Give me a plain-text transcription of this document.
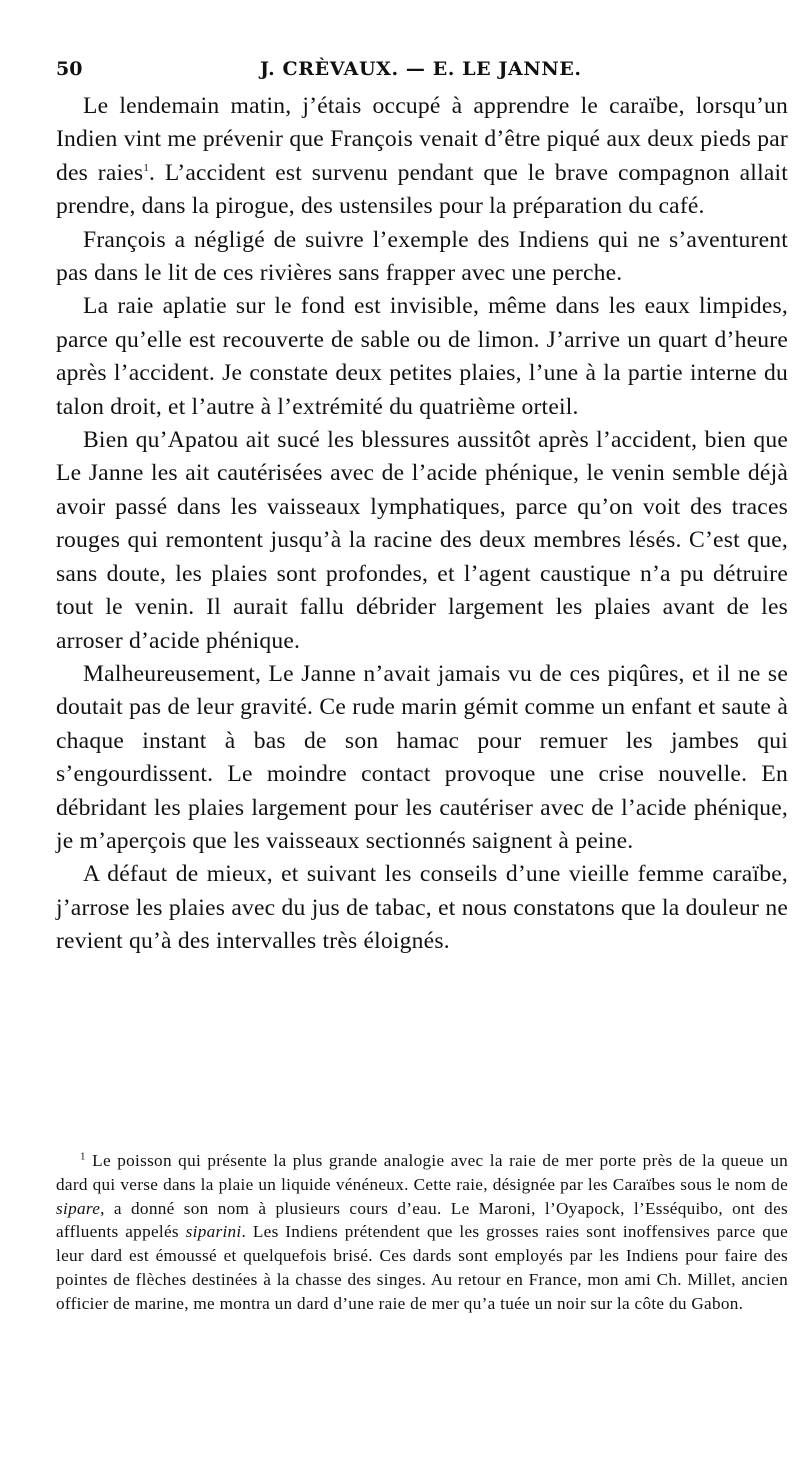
50	J. CRÈVAUX. — E. LE JANNE.

Le lendemain matin, j’étais occupé à apprendre le caraïbe, lorsqu’un Indien vint me prévenir que François venait d’être piqué aux deux pieds par des raies$^1$. L’accident est survenu pendant que le brave compagnon allait prendre, dans la pirogue, des ustensiles pour la préparation du café.

François a négligé de suivre l’exemple des Indiens qui ne s’aventurent pas dans le lit de ces rivières sans frapper avec une perche.

La raie aplatie sur le fond est invisible, même dans les eaux limpides, parce qu’elle est recouverte de sable ou de limon. J’arrive un quart d’heure après l’accident. Je constate deux petites plaies, l’une à la partie interne du talon droit, et l’autre à l’extrémité du quatrième orteil.

Bien qu’Apatou ait sucé les blessures aussitôt après l’accident, bien que Le Janne les ait cautérisées avec de l’acide phénique, le venin semble déjà avoir passé dans les vaisseaux lymphatiques, parce qu’on voit des traces rouges qui remontent jusqu’à la racine des deux membres lésés. C’est que, sans doute, les plaies sont profondes, et l’agent caustique n’a pu détruire tout le venin. Il aurait fallu débrider largement les plaies avant de les arroser d’acide phénique.

Malheureusement, Le Janne n’avait jamais vu de ces piqûres, et il ne se doutait pas de leur gravité. Ce rude marin gémit comme un enfant et saute à chaque instant à bas de son hamac pour remuer les jambes qui s’engourdissent. Le moindre contact provoque une crise nouvelle. En débridant les plaies largement pour les cautériser avec de l’acide phénique, je m’aperçois que les vaisseaux sectionnés saignent à peine.

A défaut de mieux, et suivant les conseils d’une vieille femme caraïbe, j’arrose les plaies avec du jus de tabac, et nous constatons que la douleur ne revient qu’à des intervalles très éloignés.

$^1$ Le poisson qui présente la plus grande analogie avec la raie de mer porte près de la queue un dard qui verse dans la plaie un liquide vénéneux. Cette raie, désignée par les Caraïbes sous le nom de sipare, a donné son nom à plusieurs cours d’eau. Le Maroni, l’Oyapock, l’Esséquibo, ont des affluents appelés siparini. Les Indiens prétendent que les grosses raies sont inoffensives parce que leur dard est émoussé et quelquefois brisé. Ces dards sont employés par les Indiens pour faire des pointes de flèches destinées à la chasse des singes. Au retour en France, mon ami Ch. Millet, ancien officier de marine, me montra un dard d’une raie de mer qu’a tuée un noir sur la côte du Gabon.
